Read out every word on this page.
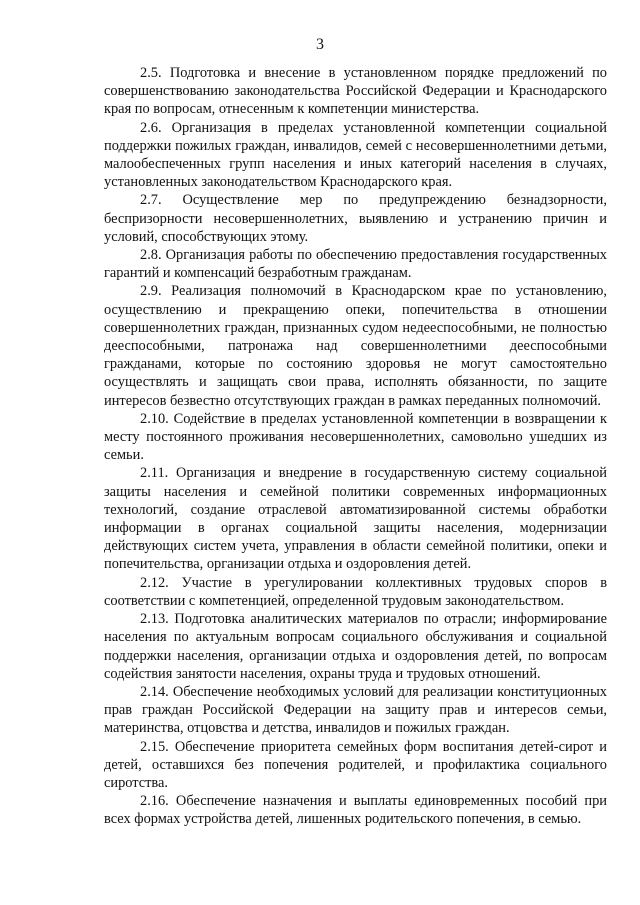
3

2.5. Подготовка и внесение в установленном порядке предложений по совершенствованию законодательства Российской Федерации и Краснодарского края по вопросам, отнесенным к компетенции министерства.

2.6. Организация в пределах установленной компетенции социальной поддержки пожилых граждан, инвалидов, семей с несовершеннолетними детьми, малообеспеченных групп населения и иных категорий населения в случаях, установленных законодательством Краснодарского края.

2.7. Осуществление мер по предупреждению безнадзорности, беспризорности несовершеннолетних, выявлению и устранению причин и условий, способствующих этому.

2.8. Организация работы по обеспечению предоставления государственных гарантий и компенсаций безработным гражданам.

2.9. Реализация полномочий в Краснодарском крае по установлению, осуществлению и прекращению опеки, попечительства в отношении совершеннолетних граждан, признанных судом недееспособными, не полностью дееспособными, патронажа над совершеннолетними дееспособными гражданами, которые по состоянию здоровья не могут самостоятельно осуществлять и защищать свои права, исполнять обязанности, по защите интересов безвестно отсутствующих граждан в рамках переданных полномочий.

2.10. Содействие в пределах установленной компетенции в возвращении к месту постоянного проживания несовершеннолетних, самовольно ушедших из семьи.

2.11. Организация и внедрение в государственную систему социальной защиты населения и семейной политики современных информационных технологий, создание отраслевой автоматизированной системы обработки информации в органах социальной защиты населения, модернизации действующих систем учета, управления в области семейной политики, опеки и попечительства, организации отдыха и оздоровления детей.

2.12. Участие в урегулировании коллективных трудовых споров в соответствии с компетенцией, определенной трудовым законодательством.

2.13. Подготовка аналитических материалов по отрасли; информирование населения по актуальным вопросам социального обслуживания и социальной поддержки населения, организации отдыха и оздоровления детей, по вопросам содействия занятости населения, охраны труда и трудовых отношений.

2.14. Обеспечение необходимых условий для реализации конституционных прав граждан Российской Федерации на защиту прав и интересов семьи, материнства, отцовства и детства, инвалидов и пожилых граждан.

2.15. Обеспечение приоритета семейных форм воспитания детей-сирот и детей, оставшихся без попечения родителей, и профилактика социального сиротства.

2.16. Обеспечение назначения и выплаты единовременных пособий при всех формах устройства детей, лишенных родительского попечения, в семью.
